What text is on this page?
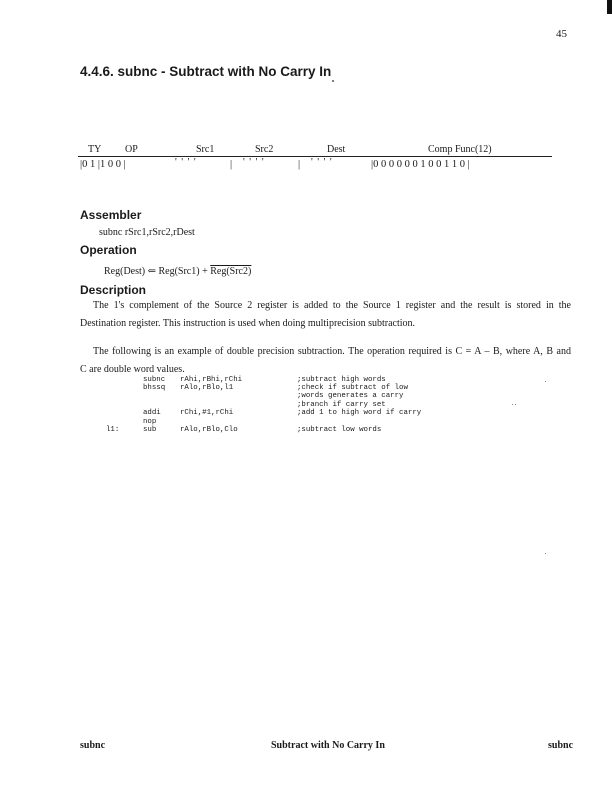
45
4.4.6. subnc - Subtract with No Carry In
TY OP	Src1	Src2	Dest	Comp Func(12)
|0 1 |1 0 0 |	' ' ' '	| ' ' ' '	| ' ' ' '	|0 0 0 0 0 0 1 0 0 1 1 0 |
Assembler
subnc rSrc1,rSrc2,rDest
Operation
Reg(Dest) ⇐ Reg(Src1) + Reg(Src2)
Description
The 1's complement of the Source 2 register is added to the Source 1 register and the result is stored in the
Destination register. This instruction is used when doing multiprecision subtraction.
The following is an example of double precision subtraction. The operation required is C = A – B, where A, B and
C are double word values.
subnc rAhi,rBhi,rChi	;subtract high words
bhssq rAlo,rBlo,l1	;check if subtract of low
;words generates a carry
;branch if carry set
addi	rChi,#1,rChi	;add 1 to high word if carry
nop
l1:	sub	rAlo,rBlo,Clo	;subtract low words
subnc	Subtract with No Carry In	subnc
